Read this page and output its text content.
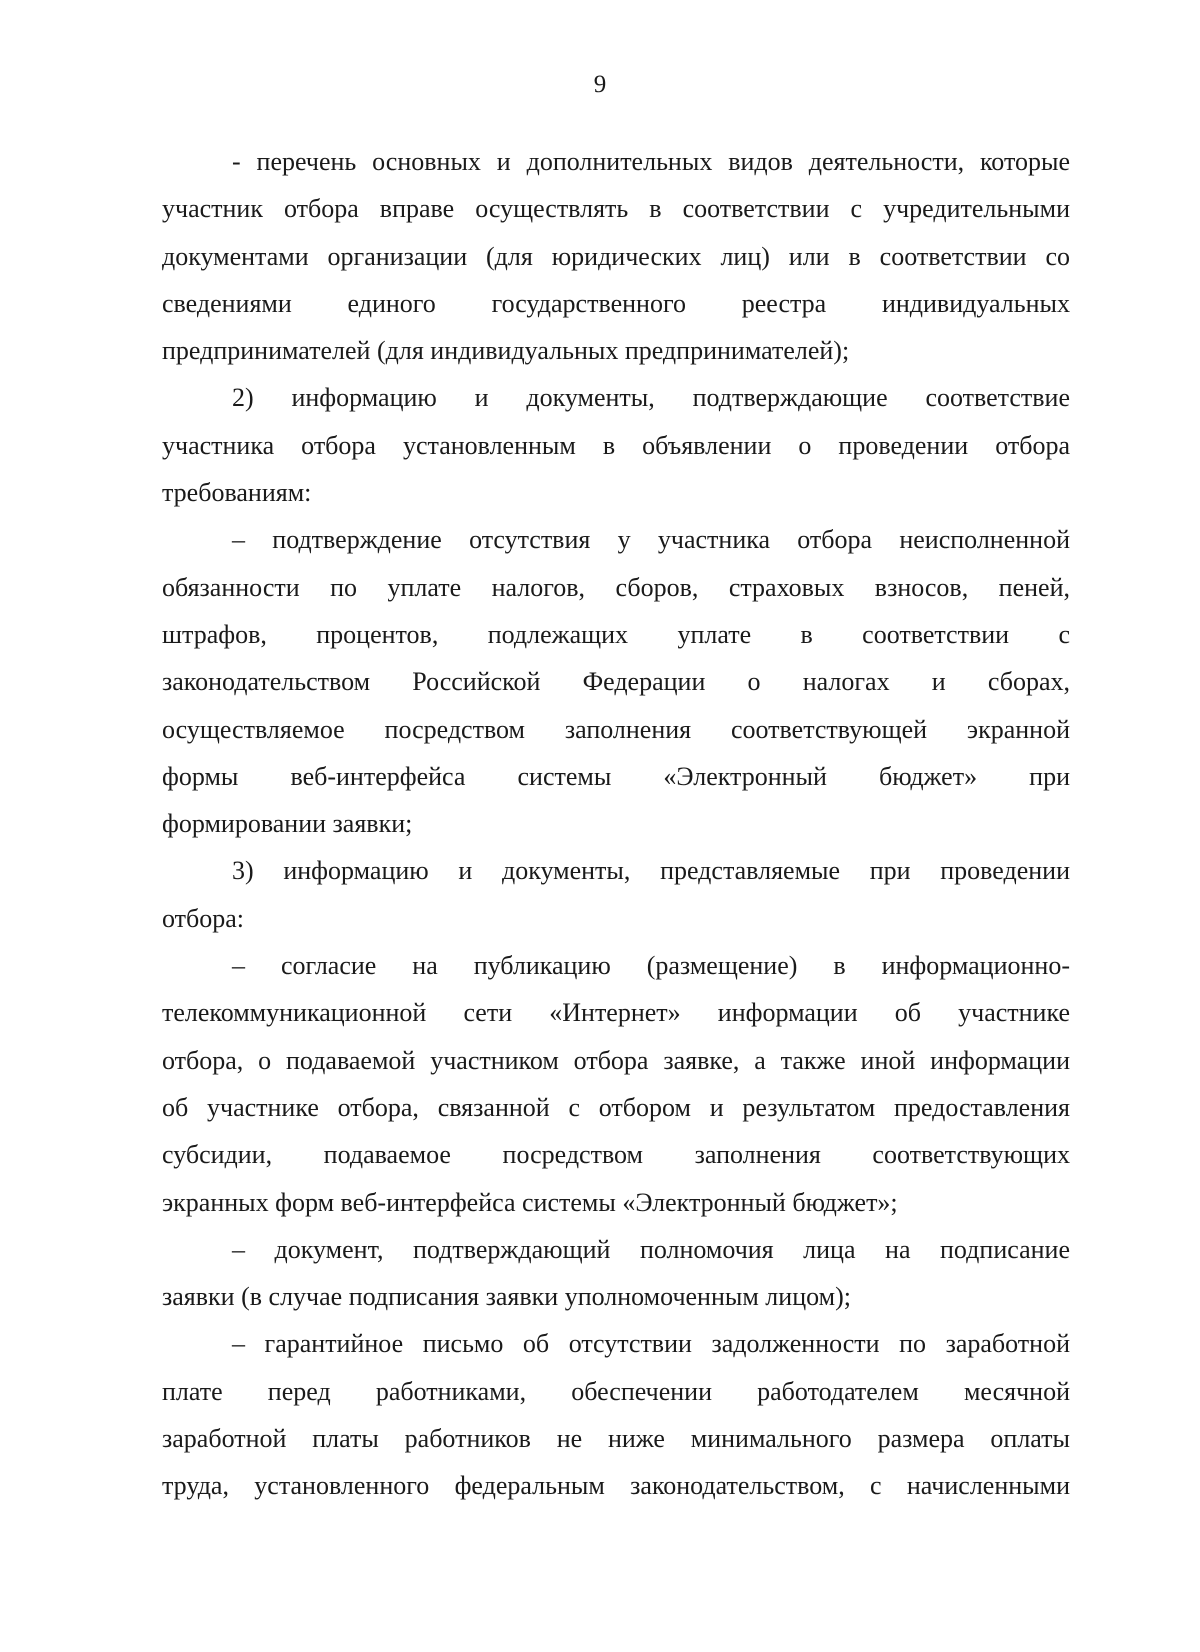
9
- перечень основных и дополнительных видов деятельности, которые
участник отбора вправе осуществлять в соответствии с учредительными
документами организации (для юридических лиц) или в соответствии со
сведениями единого государственного реестра индивидуальных
предпринимателей (для индивидуальных предпринимателей);
2) информацию и документы, подтверждающие соответствие
участника отбора установленным в объявлении о проведении отбора
требованиям:
– подтверждение отсутствия у участника отбора неисполненной
обязанности по уплате налогов, сборов, страховых взносов, пеней,
штрафов, процентов, подлежащих уплате в соответствии с
законодательством Российской Федерации о налогах и сборах,
осуществляемое посредством заполнения соответствующей экранной
формы веб-интерфейса системы «Электронный бюджет» при
формировании заявки;
3) информацию и документы, представляемые при проведении
отбора:
– согласие на публикацию (размещение) в информационно-
телекоммуникационной сети «Интернет» информации об участнике
отбора, о подаваемой участником отбора заявке, а также иной информации
об участнике отбора, связанной с отбором и результатом предоставления
субсидии, подаваемое посредством заполнения соответствующих
экранных форм веб-интерфейса системы «Электронный бюджет»;
– документ, подтверждающий полномочия лица на подписание
заявки (в случае подписания заявки уполномоченным лицом);
– гарантийное письмо об отсутствии задолженности по заработной
плате перед работниками, обеспечении работодателем месячной
заработной платы работников не ниже минимального размера оплаты
труда, установленного федеральным законодательством, с начисленными
